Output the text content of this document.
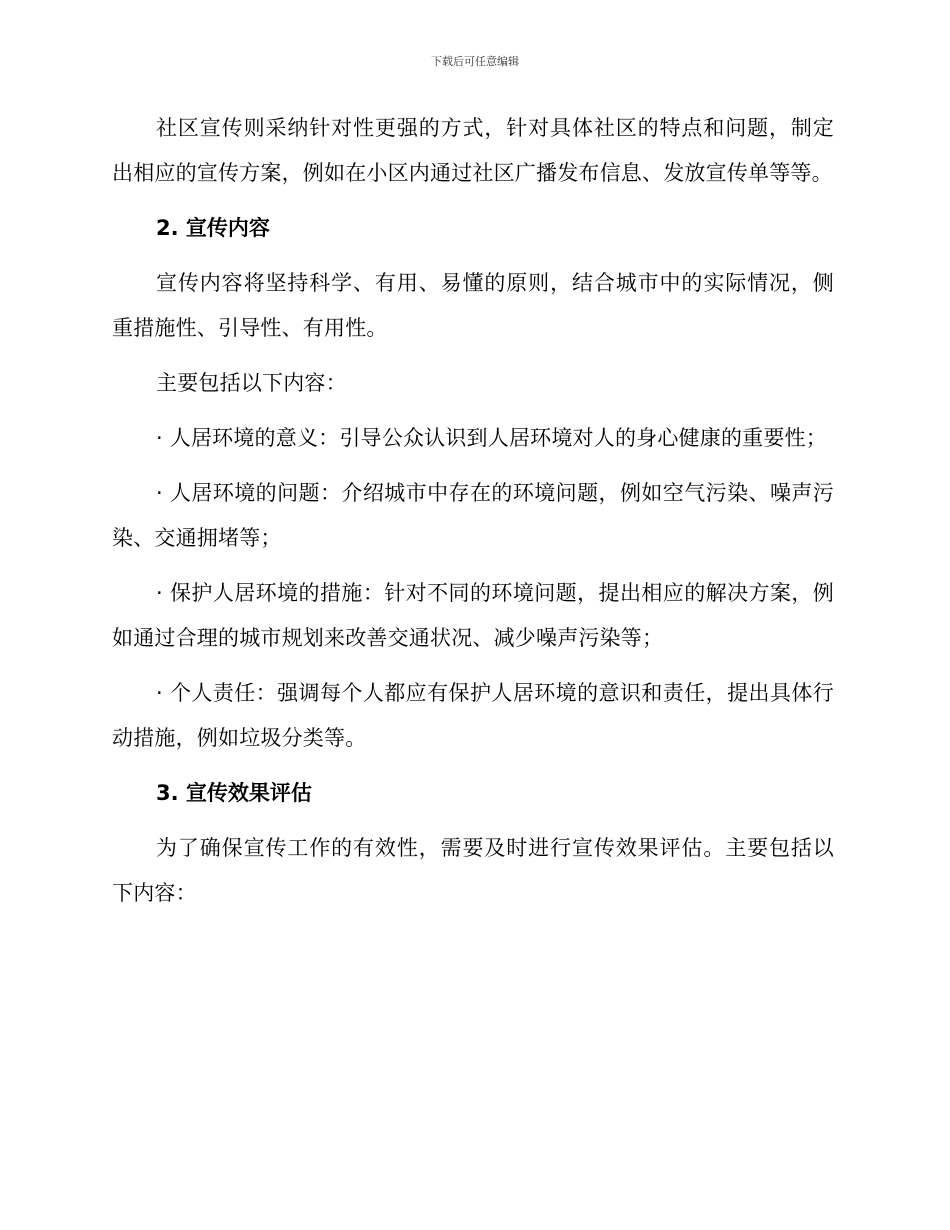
下载后可任意编辑

社区宣传则采纳针对性更强的方式，针对具体社区的特点和问题，制定出相应的宣传方案，例如在小区内通过社区广播发布信息、发放宣传单等等。

2. 宣传内容

宣传内容将坚持科学、有用、易懂的原则，结合城市中的实际情况，侧重措施性、引导性、有用性。

主要包括以下内容：

· 人居环境的意义：引导公众认识到人居环境对人的身心健康的重要性；

· 人居环境的问题：介绍城市中存在的环境问题，例如空气污染、噪声污染、交通拥堵等；

· 保护人居环境的措施：针对不同的环境问题，提出相应的解决方案，例如通过合理的城市规划来改善交通状况、减少噪声污染等；

· 个人责任：强调每个人都应有保护人居环境的意识和责任，提出具体行动措施，例如垃圾分类等。

3. 宣传效果评估

为了确保宣传工作的有效性，需要及时进行宣传效果评估。主要包括以下内容：
